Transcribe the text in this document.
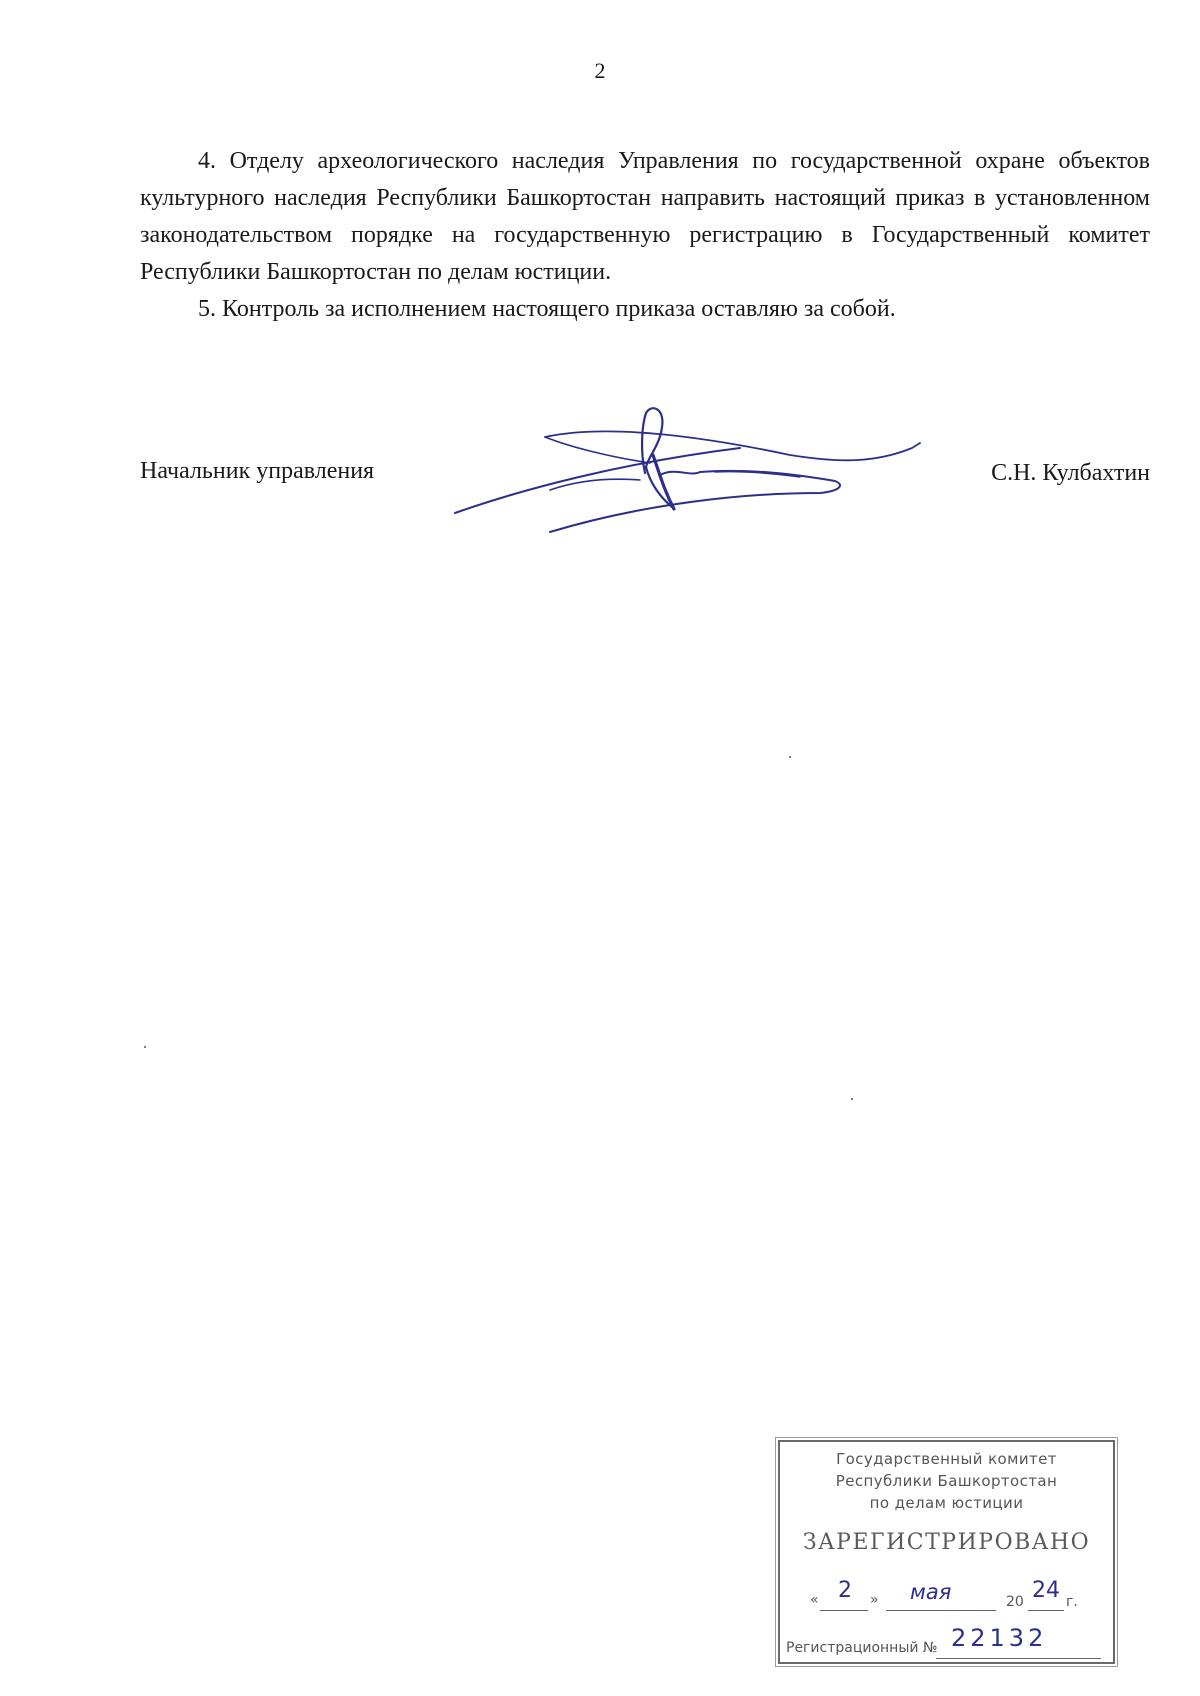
2

4. Отделу археологического наследия Управления по государственной охране объектов культурного наследия Республики Башкортостан направить настоящий приказ в установленном законодательством порядке на государственную регистрацию в Государственный комитет Республики Башкортостан по делам юстиции.

5. Контроль за исполнением настоящего приказа оставляю за собой.

Начальник управления	С.Н. Кулбахтин
Государственный комитет
Республики Башкортостан
по делам юстиции
ЗАРЕГИСТРИРОВАНО
« 2 » мая	20 24 г.
Регистрационный № 22132
